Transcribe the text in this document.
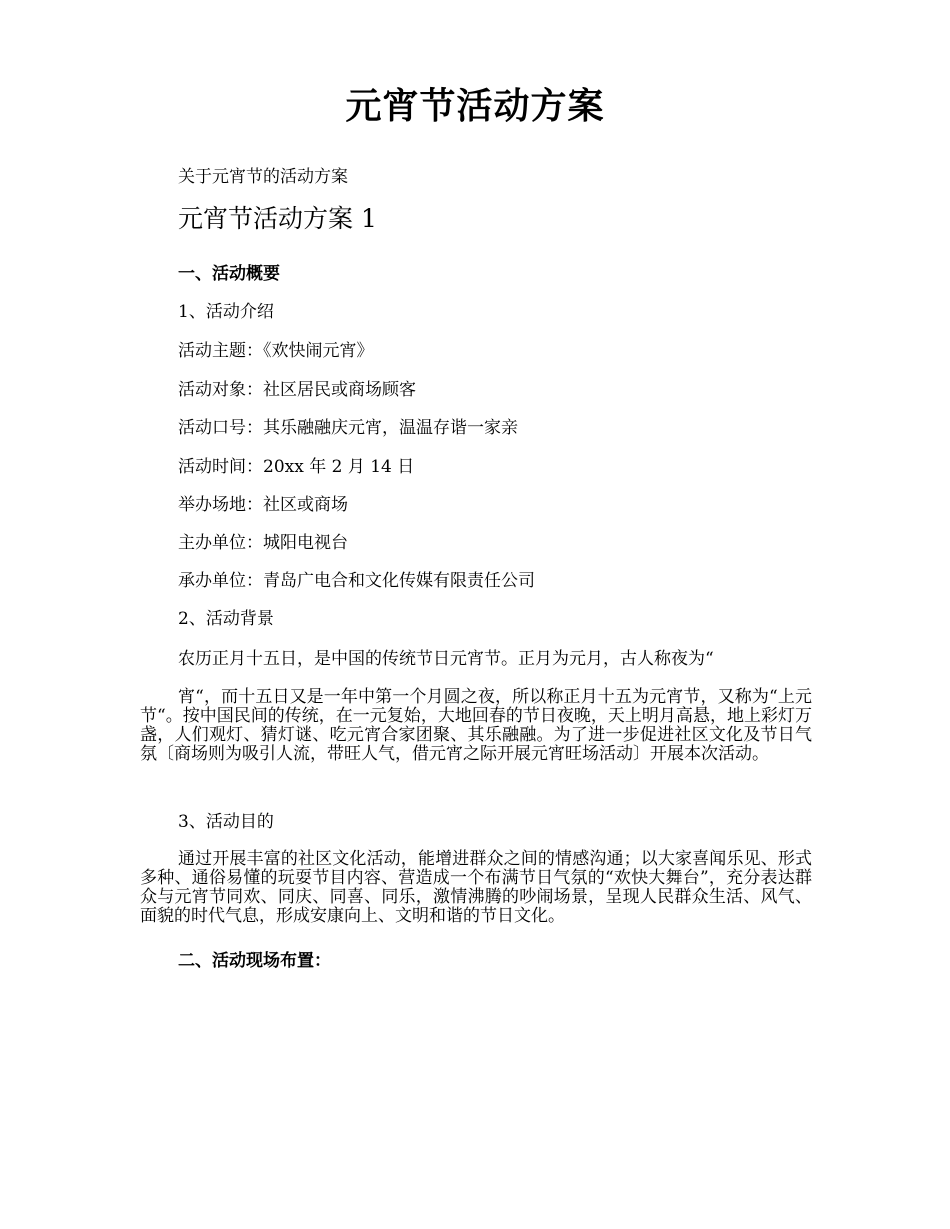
元宵节活动方案
关于元宵节的活动方案
元宵节活动方案 1
一、活动概要
1、活动介绍
活动主题：《欢快闹元宵》
活动对象：社区居民或商场顾客
活动口号：其乐融融庆元宵，温温存谐一家亲
活动时间：20xx 年 2 月 14 日
举办场地：社区或商场
主办单位：城阳电视台
承办单位：青岛广电合和文化传媒有限责任公司
2、活动背景
农历正月十五日，是中国的传统节日元宵节。正月为元月，古人称夜为“
宵“，而十五日又是一年中第一个月圆之夜，所以称正月十五为元宵节，又称为“上元节“。按中国民间的传统，在一元复始，大地回春的节日夜晚，天上明月高悬，地上彩灯万盏，人们观灯、猜灯谜、吃元宵合家团聚、其乐融融。为了进一步促进社区文化及节日气氛〔商场则为吸引人流，带旺人气，借元宵之际开展元宵旺场活动〕开展本次活动。
3、活动目的
通过开展丰富的社区文化活动，能增进群众之间的情感沟通；以大家喜闻乐见、形式多种、通俗易懂的玩耍节目内容、营造成一个布满节日气氛的“欢快大舞台”，充分表达群众与元宵节同欢、同庆、同喜、同乐，激情沸腾的吵闹场景，呈现人民群众生活、风气、面貌的时代气息，形成安康向上、文明和谐的节日文化。
二、活动现场布置：
